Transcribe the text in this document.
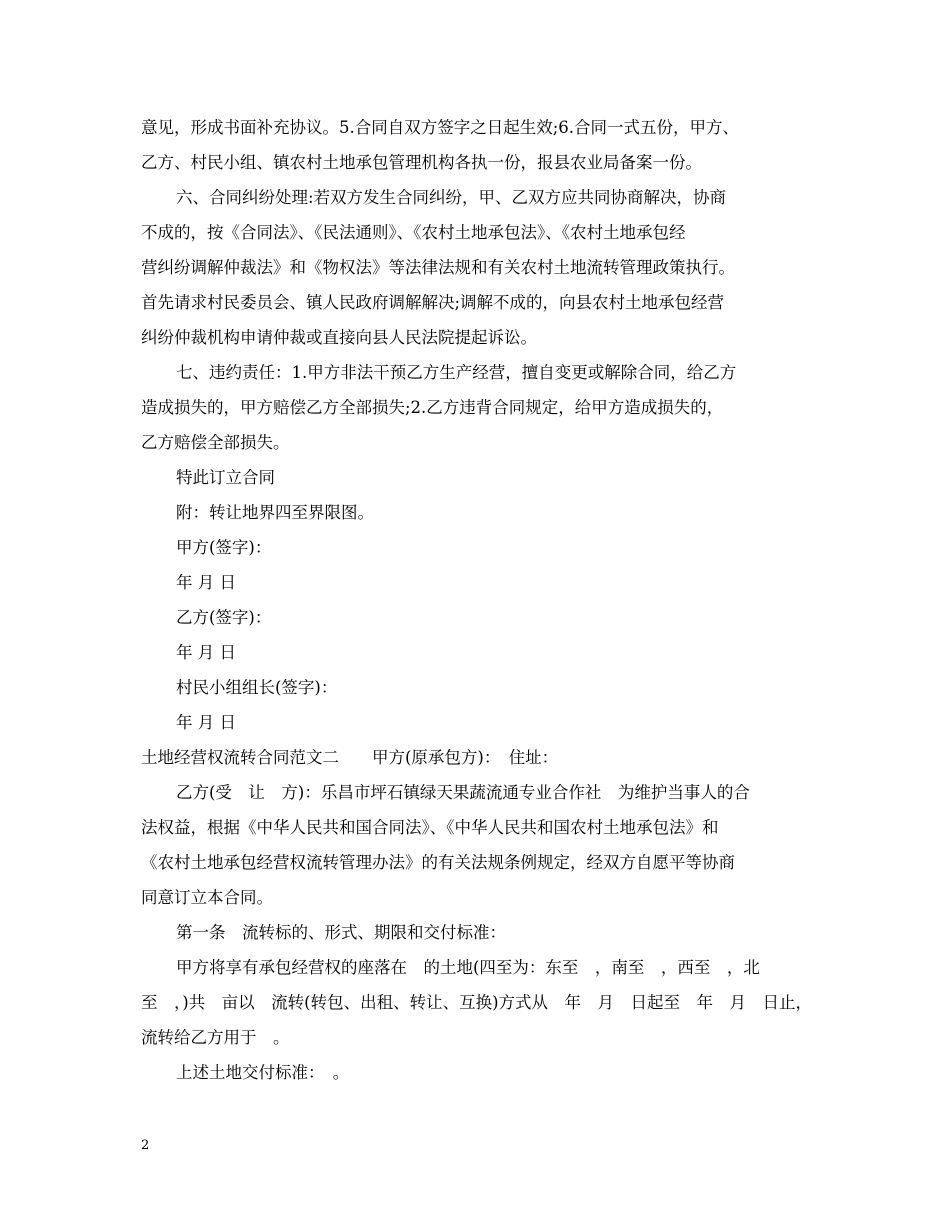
意见，形成书面补充协议。5.合同自双方签字之日起生效;6.合同一式五份，甲方、
乙方、村民小组、镇农村土地承包管理机构各执一份，报县农业局备案一份。
六、合同纠纷处理:若双方发生合同纠纷，甲、乙双方应共同协商解决，协商
不成的，按《合同法》、《民法通则》、《农村土地承包法》、《农村土地承包经
营纠纷调解仲裁法》和《物权法》等法律法规和有关农村土地流转管理政策执行。
首先请求村民委员会、镇人民政府调解解决;调解不成的，向县农村土地承包经营
纠纷仲裁机构申请仲裁或直接向县人民法院提起诉讼。
七、违约责任：1.甲方非法干预乙方生产经营，擅自变更或解除合同，给乙方
造成损失的，甲方赔偿乙方全部损失;2.乙方违背合同规定，给甲方造成损失的，
乙方赔偿全部损失。
特此订立合同
附：转让地界四至界限图。
甲方(签字)：
年 月 日
乙方(签字)：
年 月 日
村民小组组长(签字)：
年 月 日
土地经营权流转合同范文二　　甲方(原承包方)：　住址：
乙方(受　让　方)：乐昌市坪石镇绿天果蔬流通专业合作社　为维护当事人的合
法权益，根据《中华人民共和国合同法》、《中华人民共和国农村土地承包法》和
《农村土地承包经营权流转管理办法》的有关法规条例规定，经双方自愿平等协商
同意订立本合同。
第一条　流转标的、形式、期限和交付标准：
甲方将享有承包经营权的座落在　的土地(四至为：东至　，南至　，西至　，北
至　，)共　亩以　流转(转包、出租、转让、互换)方式从　年　月　日起至　年　月　日止，
流转给乙方用于　。
上述土地交付标准：　。
2
